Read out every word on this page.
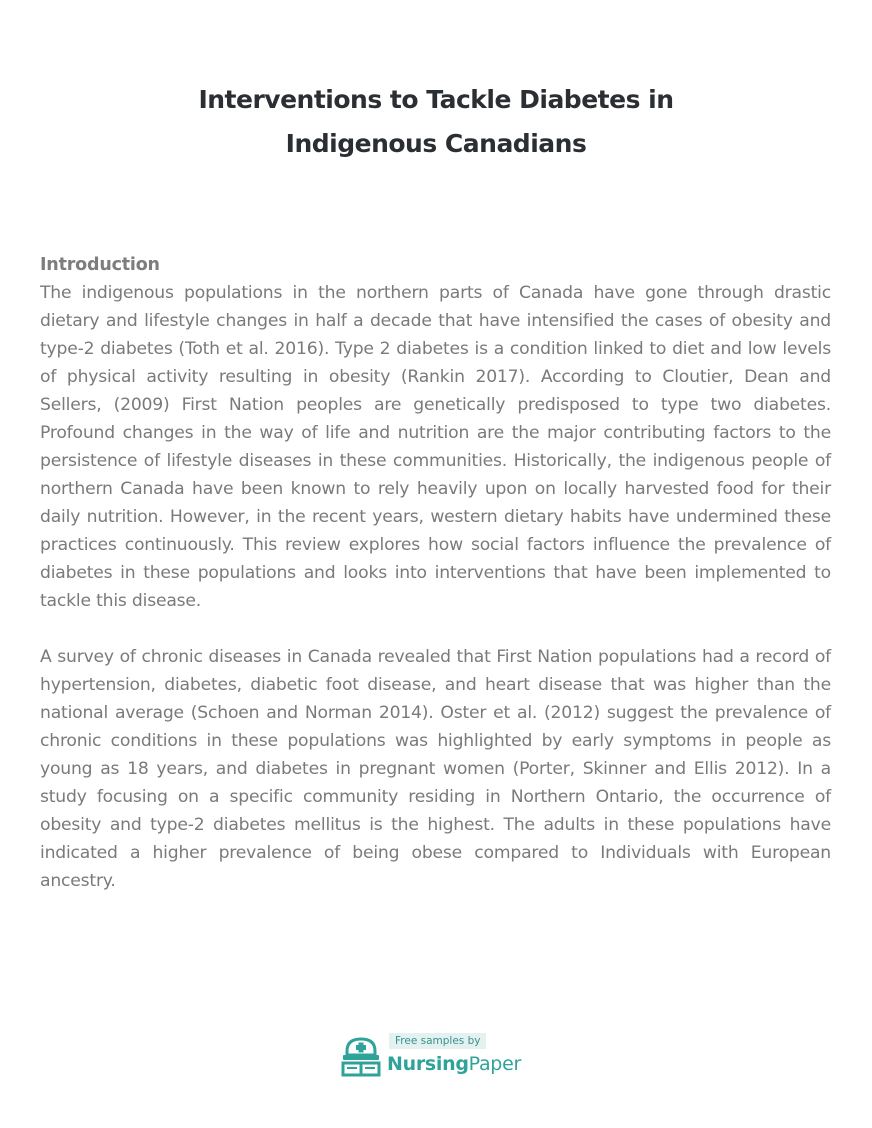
Interventions to Tackle Diabetes in
Indigenous Canadians
Introduction

The indigenous populations in the northern parts of Canada have gone through drastic dietary and lifestyle changes in half a decade that have intensified the cases of obesity and type-2 diabetes (Toth et al. 2016). Type 2 diabetes is a condition linked to diet and low levels of physical activity resulting in obesity (Rankin 2017). According to Cloutier, Dean and Sellers, (2009) First Nation peoples are genetically predisposed to type two diabetes. Profound changes in the way of life and nutrition are the major contributing factors to the persistence of lifestyle diseases in these communities. Historically, the indigenous people of northern Canada have been known to rely heavily upon on locally harvested food for their daily nutrition. However, in the recent years, western dietary habits have undermined these practices continuously. This review explores how social factors influence the prevalence of diabetes in these populations and looks into interventions that have been implemented to tackle this disease.

A survey of chronic diseases in Canada revealed that First Nation populations had a record of hypertension, diabetes, diabetic foot disease, and heart disease that was higher than the national average (Schoen and Norman 2014). Oster et al. (2012) suggest the prevalence of chronic conditions in these populations was highlighted by early symptoms in people as young as 18 years, and diabetes in pregnant women (Porter, Skinner and Ellis 2012). In a study focusing on a specific community residing in Northern Ontario, the occurrence of obesity and type-2 diabetes mellitus is the highest. The adults in these populations have indicated a higher prevalence of being obese compared to Individuals with European ancestry.

Free samples by
NursingPaper
